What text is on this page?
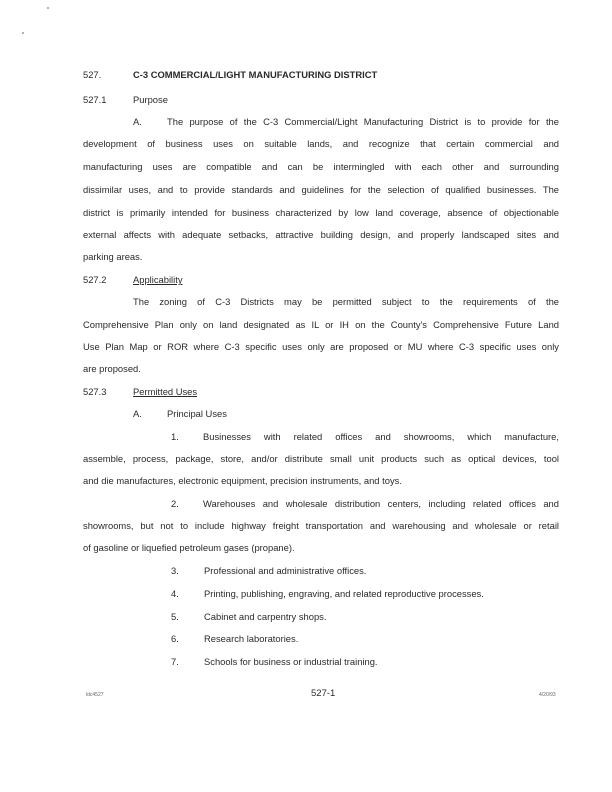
527.	C-3 COMMERCIAL/LIGHT MANUFACTURING DISTRICT
527.1	Purpose
A.	The purpose of the C-3 Commercial/Light Manufacturing District is to provide for the
development of business uses on suitable lands, and recognize that certain commercial and
manufacturing uses are compatible and can be intermingled with each other and surrounding
dissimilar uses, and to provide standards and guidelines for the selection of qualified businesses. The
district is primarily intended for business characterized by low land coverage, absence of objectionable
external affects with adequate setbacks, attractive building design, and properly landscaped sites and
parking areas.
527.2	Applicability
The zoning of C-3 Districts may be permitted subject to the requirements of the
Comprehensive Plan only on land designated as IL or IH on the County's Comprehensive Future Land
Use Plan Map or ROR where C-3 specific uses only are proposed or MU where C-3 specific uses only
are proposed.
527.3	Permitted Uses
A.	Principal Uses
1.	Businesses with related offices and showrooms, which manufacture,
assemble, process, package, store, and/or distribute small unit products such as optical devices, tool
and die manufactures, electronic equipment, precision instruments, and toys.
2.	Warehouses and wholesale distribution centers, including related offices and
showrooms, but not to include highway freight transportation and warehousing and wholesale or retail
of gasoline or liquefied petroleum gases (propane).
3.	Professional and administrative offices.
4.	Printing, publishing, engraving, and related reproductive processes.
5.	Cabinet and carpentry shops.
6.	Research laboratories.
7.	Schools for business or industrial training.
ldc4527	527-1	4/20/93
